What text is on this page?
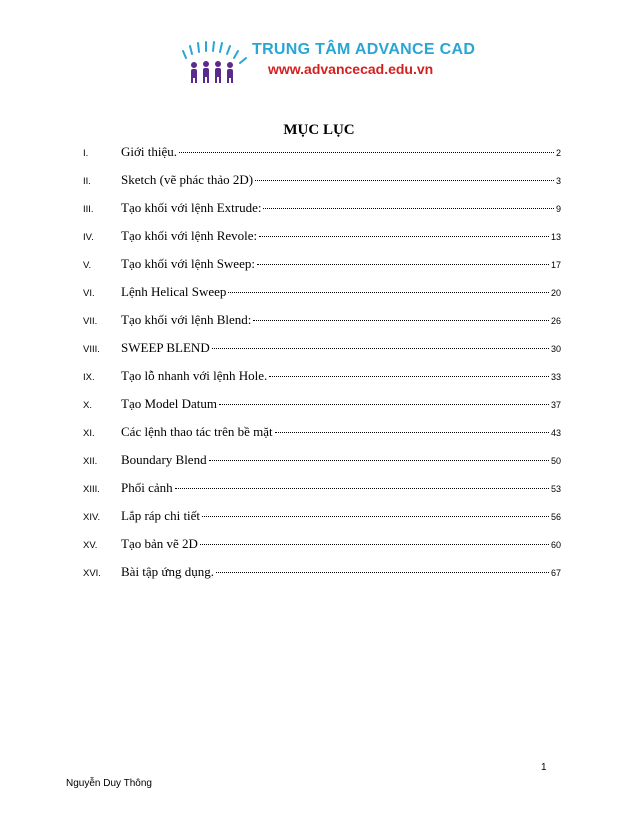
TRUNG TÂM ADVANCE CAD
www.advancecad.edu.vn
MỤC LỤC
I.	Giới thiệu.	2
II.	Sketch (vẽ phác thảo 2D)	3
III.	Tạo khối với lệnh Extrude:	9
IV.	Tạo khối với lệnh Revole:	13
V.	Tạo khối với lệnh Sweep:	17
VI.	Lệnh Helical Sweep	20
VII.	Tạo khối với lệnh Blend:	26
VIII.	SWEEP BLEND	30
IX.	Tạo lỗ nhanh với lệnh Hole.	33
X.	Tạo Model Datum	37
XI.	Các lệnh thao tác trên bề mặt	43
XII.	Boundary Blend	50
XIII.	Phối cảnh	53
XIV.	Lắp ráp chi tiết	56
XV.	Tạo bản vẽ 2D	60
XVI.	Bài tập ứng dụng.	67
1
Nguyễn Duy Thông
